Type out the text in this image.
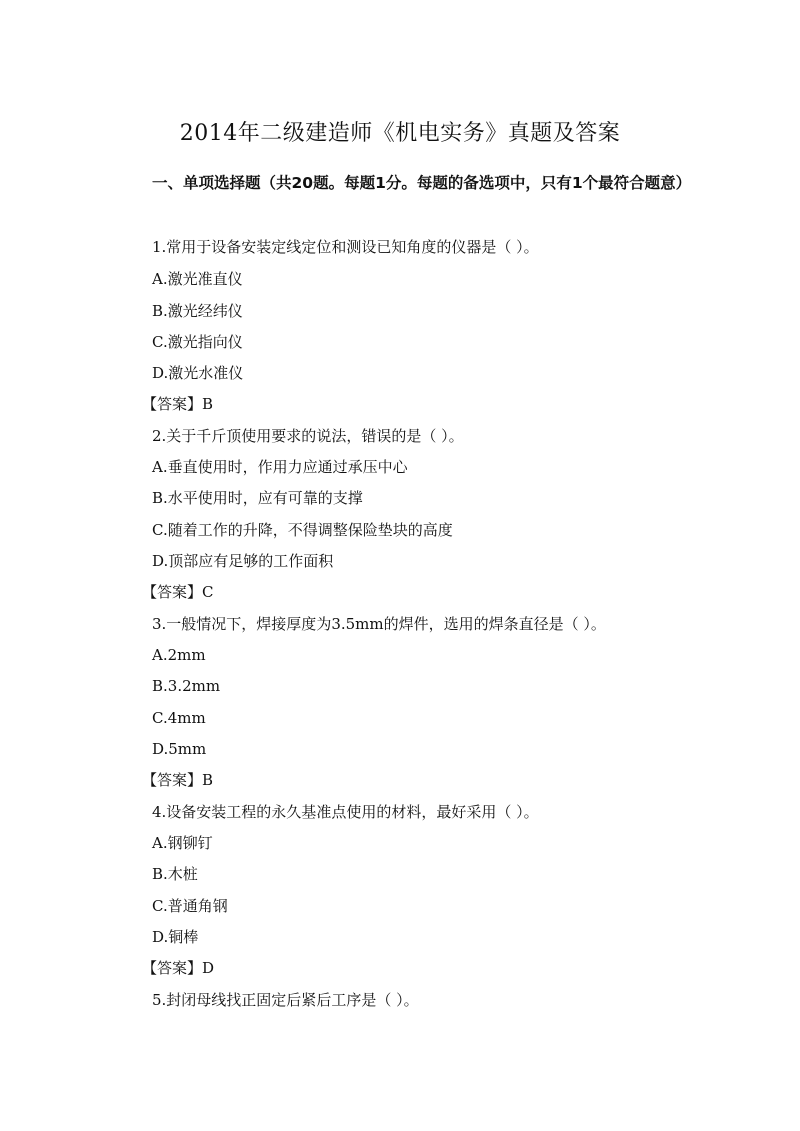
2014年二级建造师《机电实务》真题及答案
一、单项选择题（共20题。每题1分。每题的备选项中，只有1个最符合题意）
1.常用于设备安装定线定位和测设已知角度的仪器是（ ）。
A.激光准直仪
B.激光经纬仪
C.激光指向仪
D.激光水准仪
【答案】B
2.关于千斤顶使用要求的说法，错误的是（ ）。
A.垂直使用时，作用力应通过承压中心
B.水平使用时，应有可靠的支撑
C.随着工作的升降，不得调整保险垫块的高度
D.顶部应有足够的工作面积
【答案】C
3.一般情况下，焊接厚度为3.5mm的焊件，选用的焊条直径是（ ）。
A.2mm
B.3.2mm
C.4mm
D.5mm
【答案】B
4.设备安装工程的永久基准点使用的材料，最好采用（ ）。
A.钢铆钉
B.木桩
C.普通角钢
D.铜棒
【答案】D
5.封闭母线找正固定后紧后工序是（ ）。
